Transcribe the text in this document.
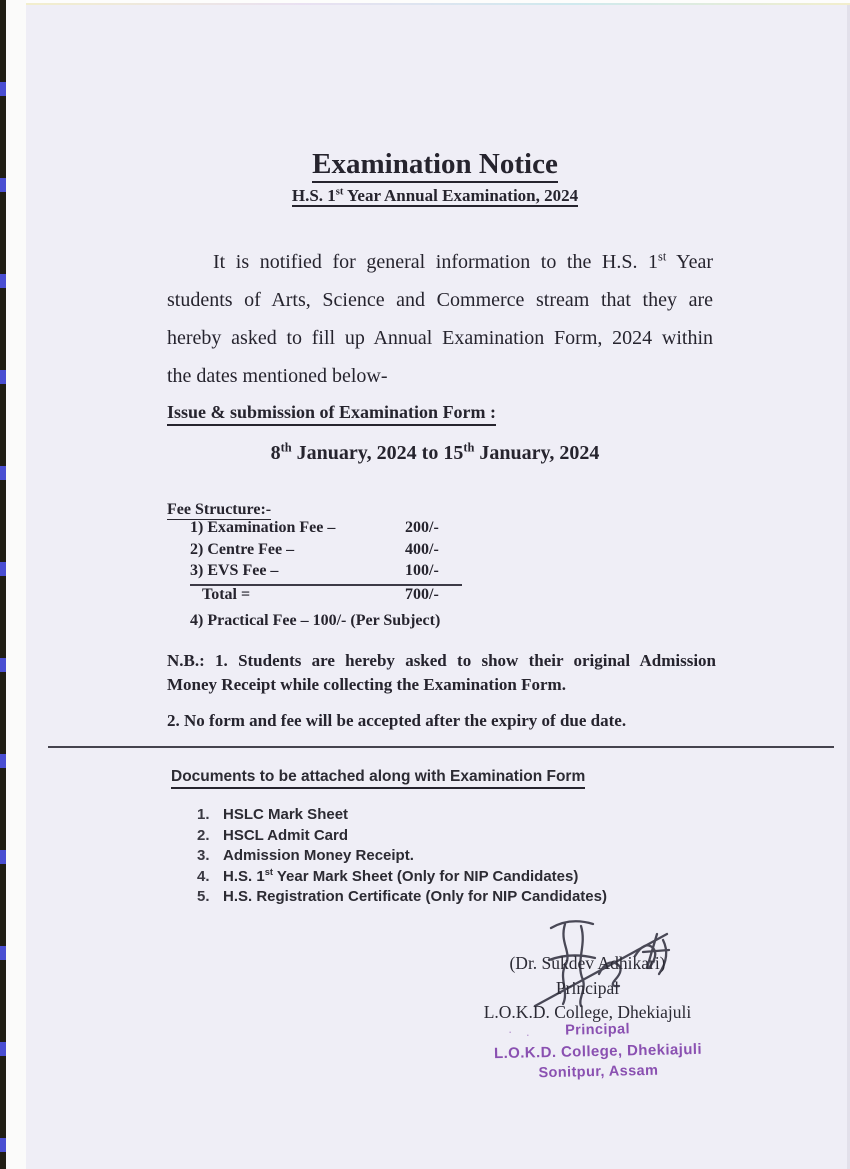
Examination Notice
H.S. 1st Year Annual Examination, 2024
It is notified for general information to the H.S. 1st Year
students of Arts, Science and Commerce stream that they are
hereby asked to fill up Annual Examination Form, 2024 within
the dates mentioned below-
Issue & submission of Examination Form :
8th January, 2024 to 15th January, 2024
Fee Structure:-
1) Examination Fee –	200/-
2) Centre Fee –	400/-
3) EVS Fee –	100/-
Total =	700/-
4) Practical Fee – 100/- (Per Subject)
N.B.: 1. Students are hereby asked to show their original Admission
Money Receipt while collecting the Examination Form.
2. No form and fee will be accepted after the expiry of due date.
Documents to be attached along with Examination Form
1. HSLC Mark Sheet
2. HSCL Admit Card
3. Admission Money Receipt.
4. H.S. 1st Year Mark Sheet (Only for NIP Candidates)
5. H.S. Registration Certificate (Only for NIP Candidates)
(Dr. Sukdev Adhikari)
Principal
L.O.K.D. College, Dhekiajuli
· .	Principal
L.O.K.D. College, Dhekiajuli
Sonitpur, Assam
